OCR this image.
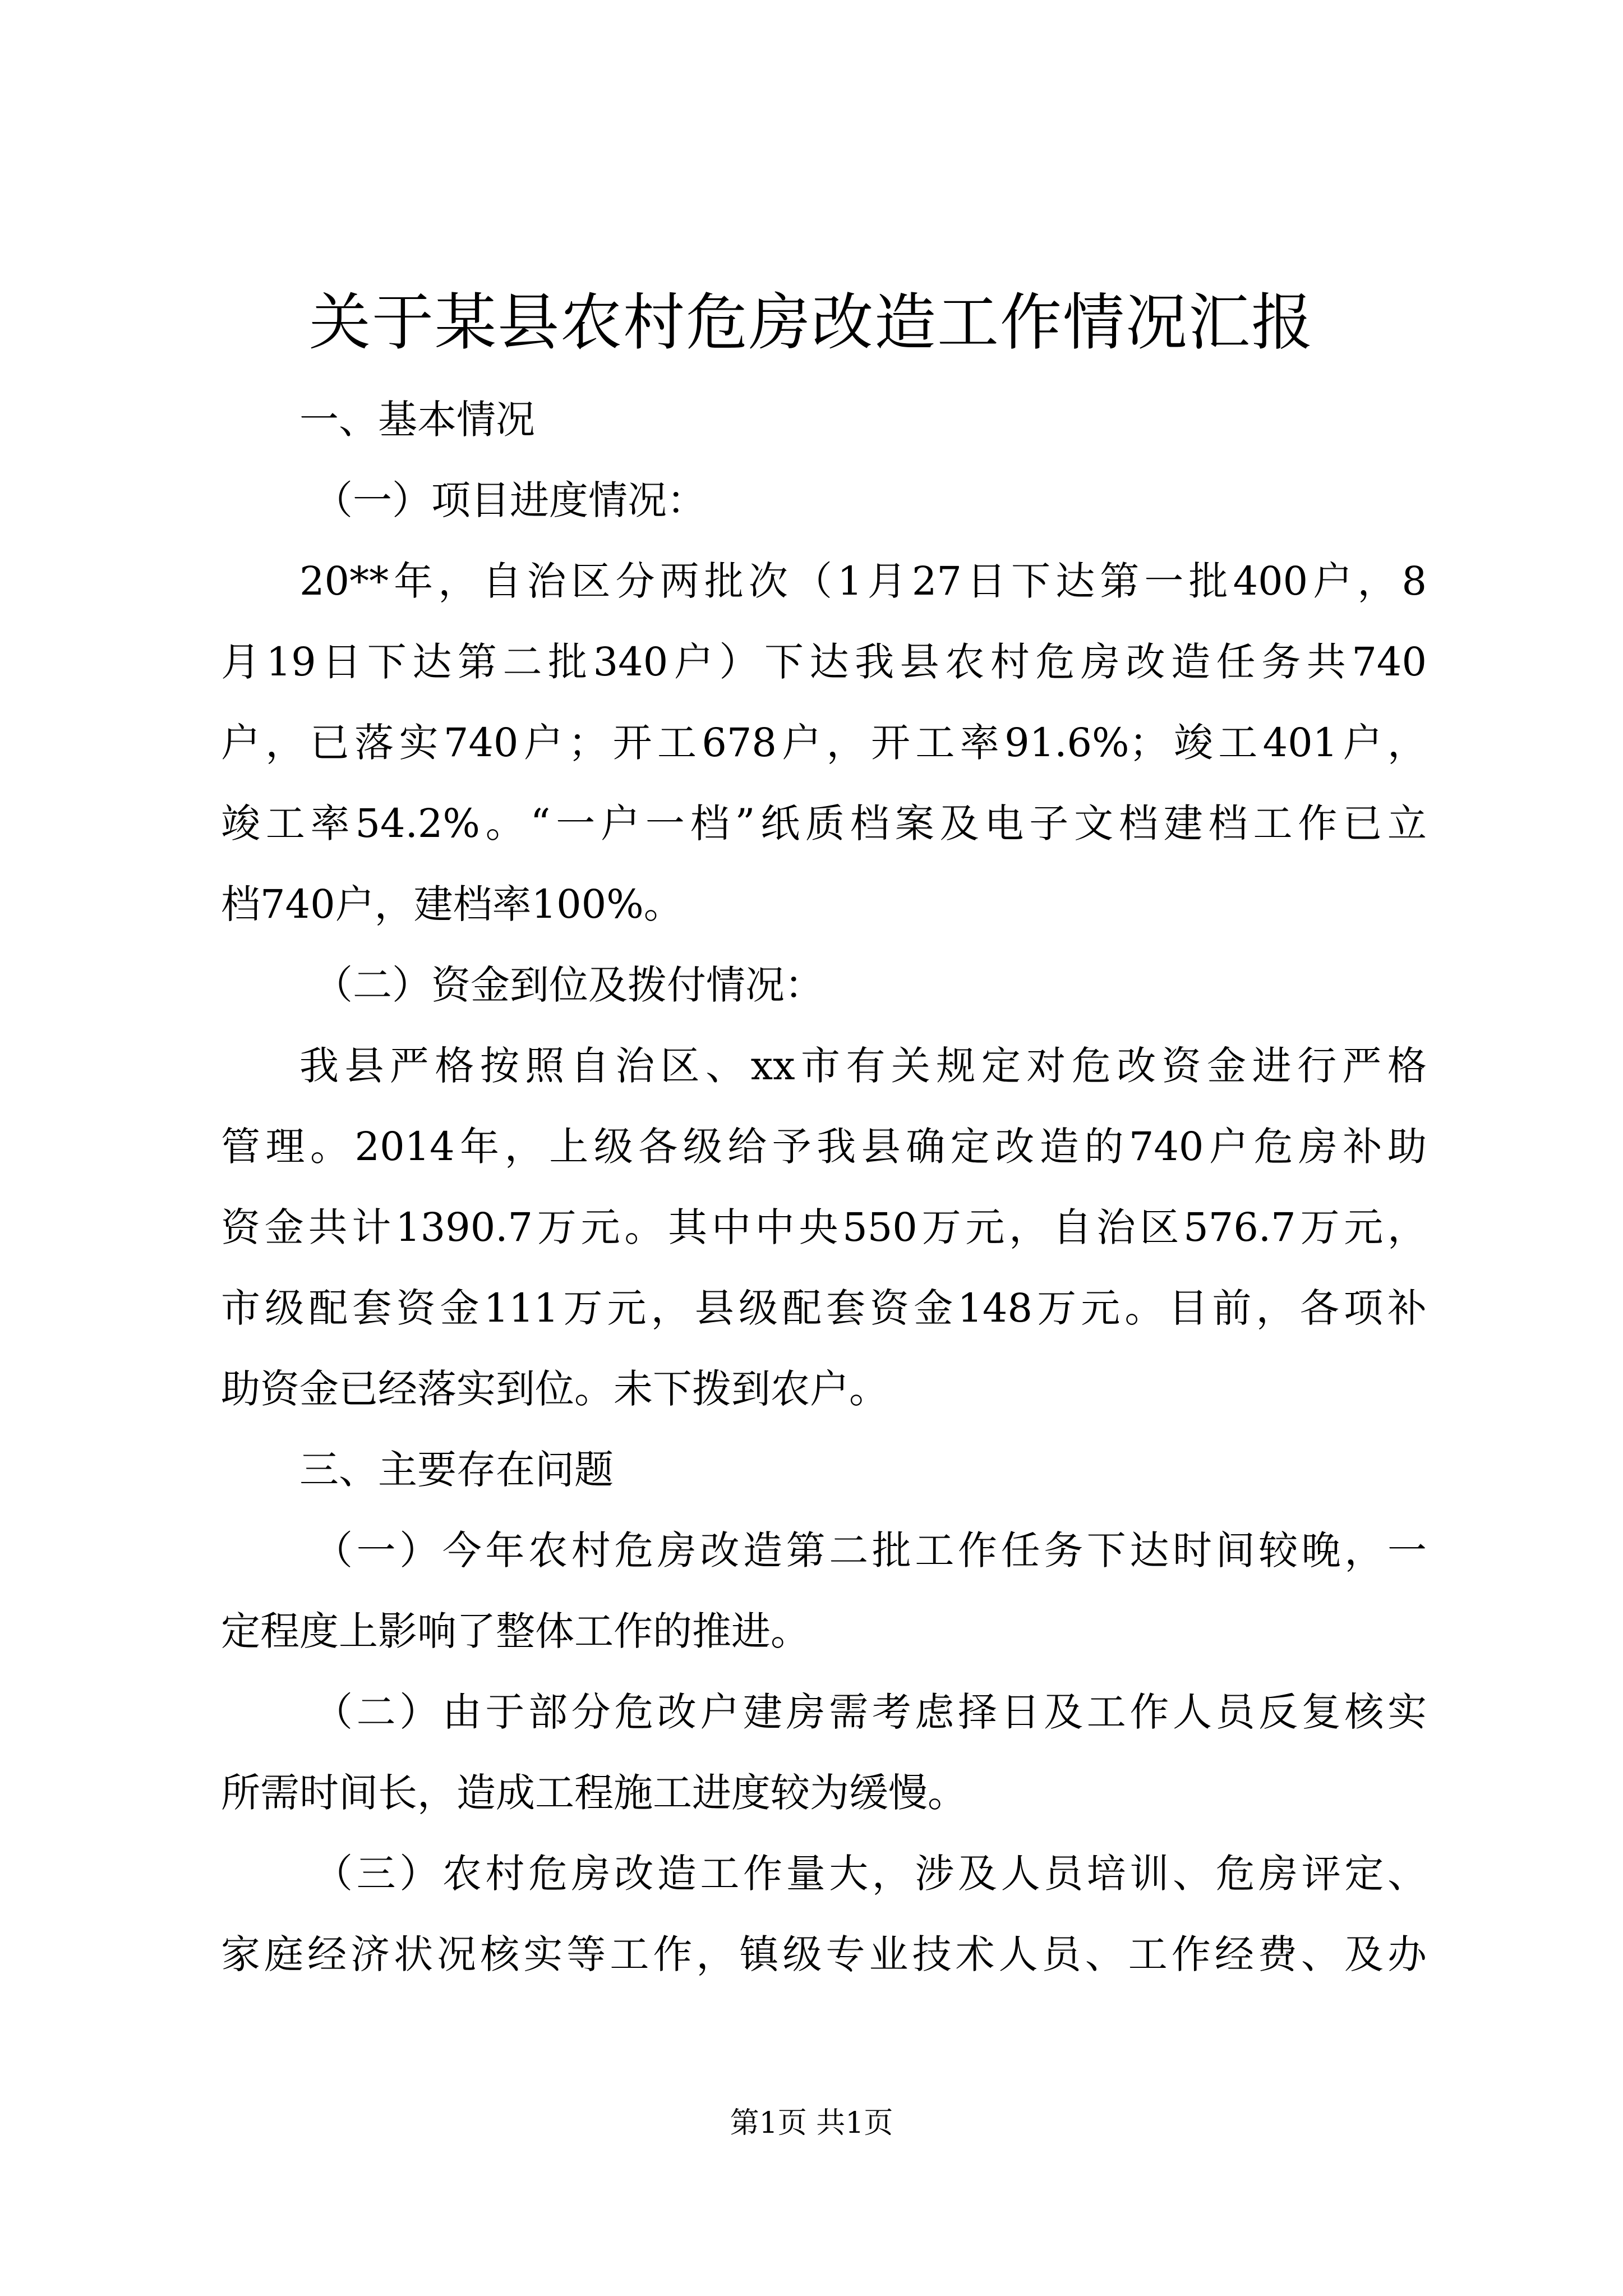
关于某县农村危房改造工作情况汇报
一、基本情况
（一）项目进度情况：
20**年，自治区分两批次（1月27日下达第一批400户，8
月19日下达第二批340户）下达我县农村危房改造任务共740
户，已落实740户；开工678户，开工率91.6%；竣工401户，
竣工率54.2%。“一户一档”纸质档案及电子文档建档工作已立
档740户，建档率100%。
（二）资金到位及拨付情况：
我县严格按照自治区、xx市有关规定对危改资金进行严格
管理。2014年，上级各级给予我县确定改造的740户危房补助
资金共计1390.7万元。其中中央550万元，自治区576.7万元，
市级配套资金111万元，县级配套资金148万元。目前，各项补
助资金已经落实到位。未下拨到农户。
三、主要存在问题
（一）今年农村危房改造第二批工作任务下达时间较晚，一
定程度上影响了整体工作的推进。
（二）由于部分危改户建房需考虑择日及工作人员反复核实
所需时间长，造成工程施工进度较为缓慢。
（三）农村危房改造工作量大，涉及人员培训、危房评定、
家庭经济状况核实等工作，镇级专业技术人员、工作经费、及办
第1页 共1页
